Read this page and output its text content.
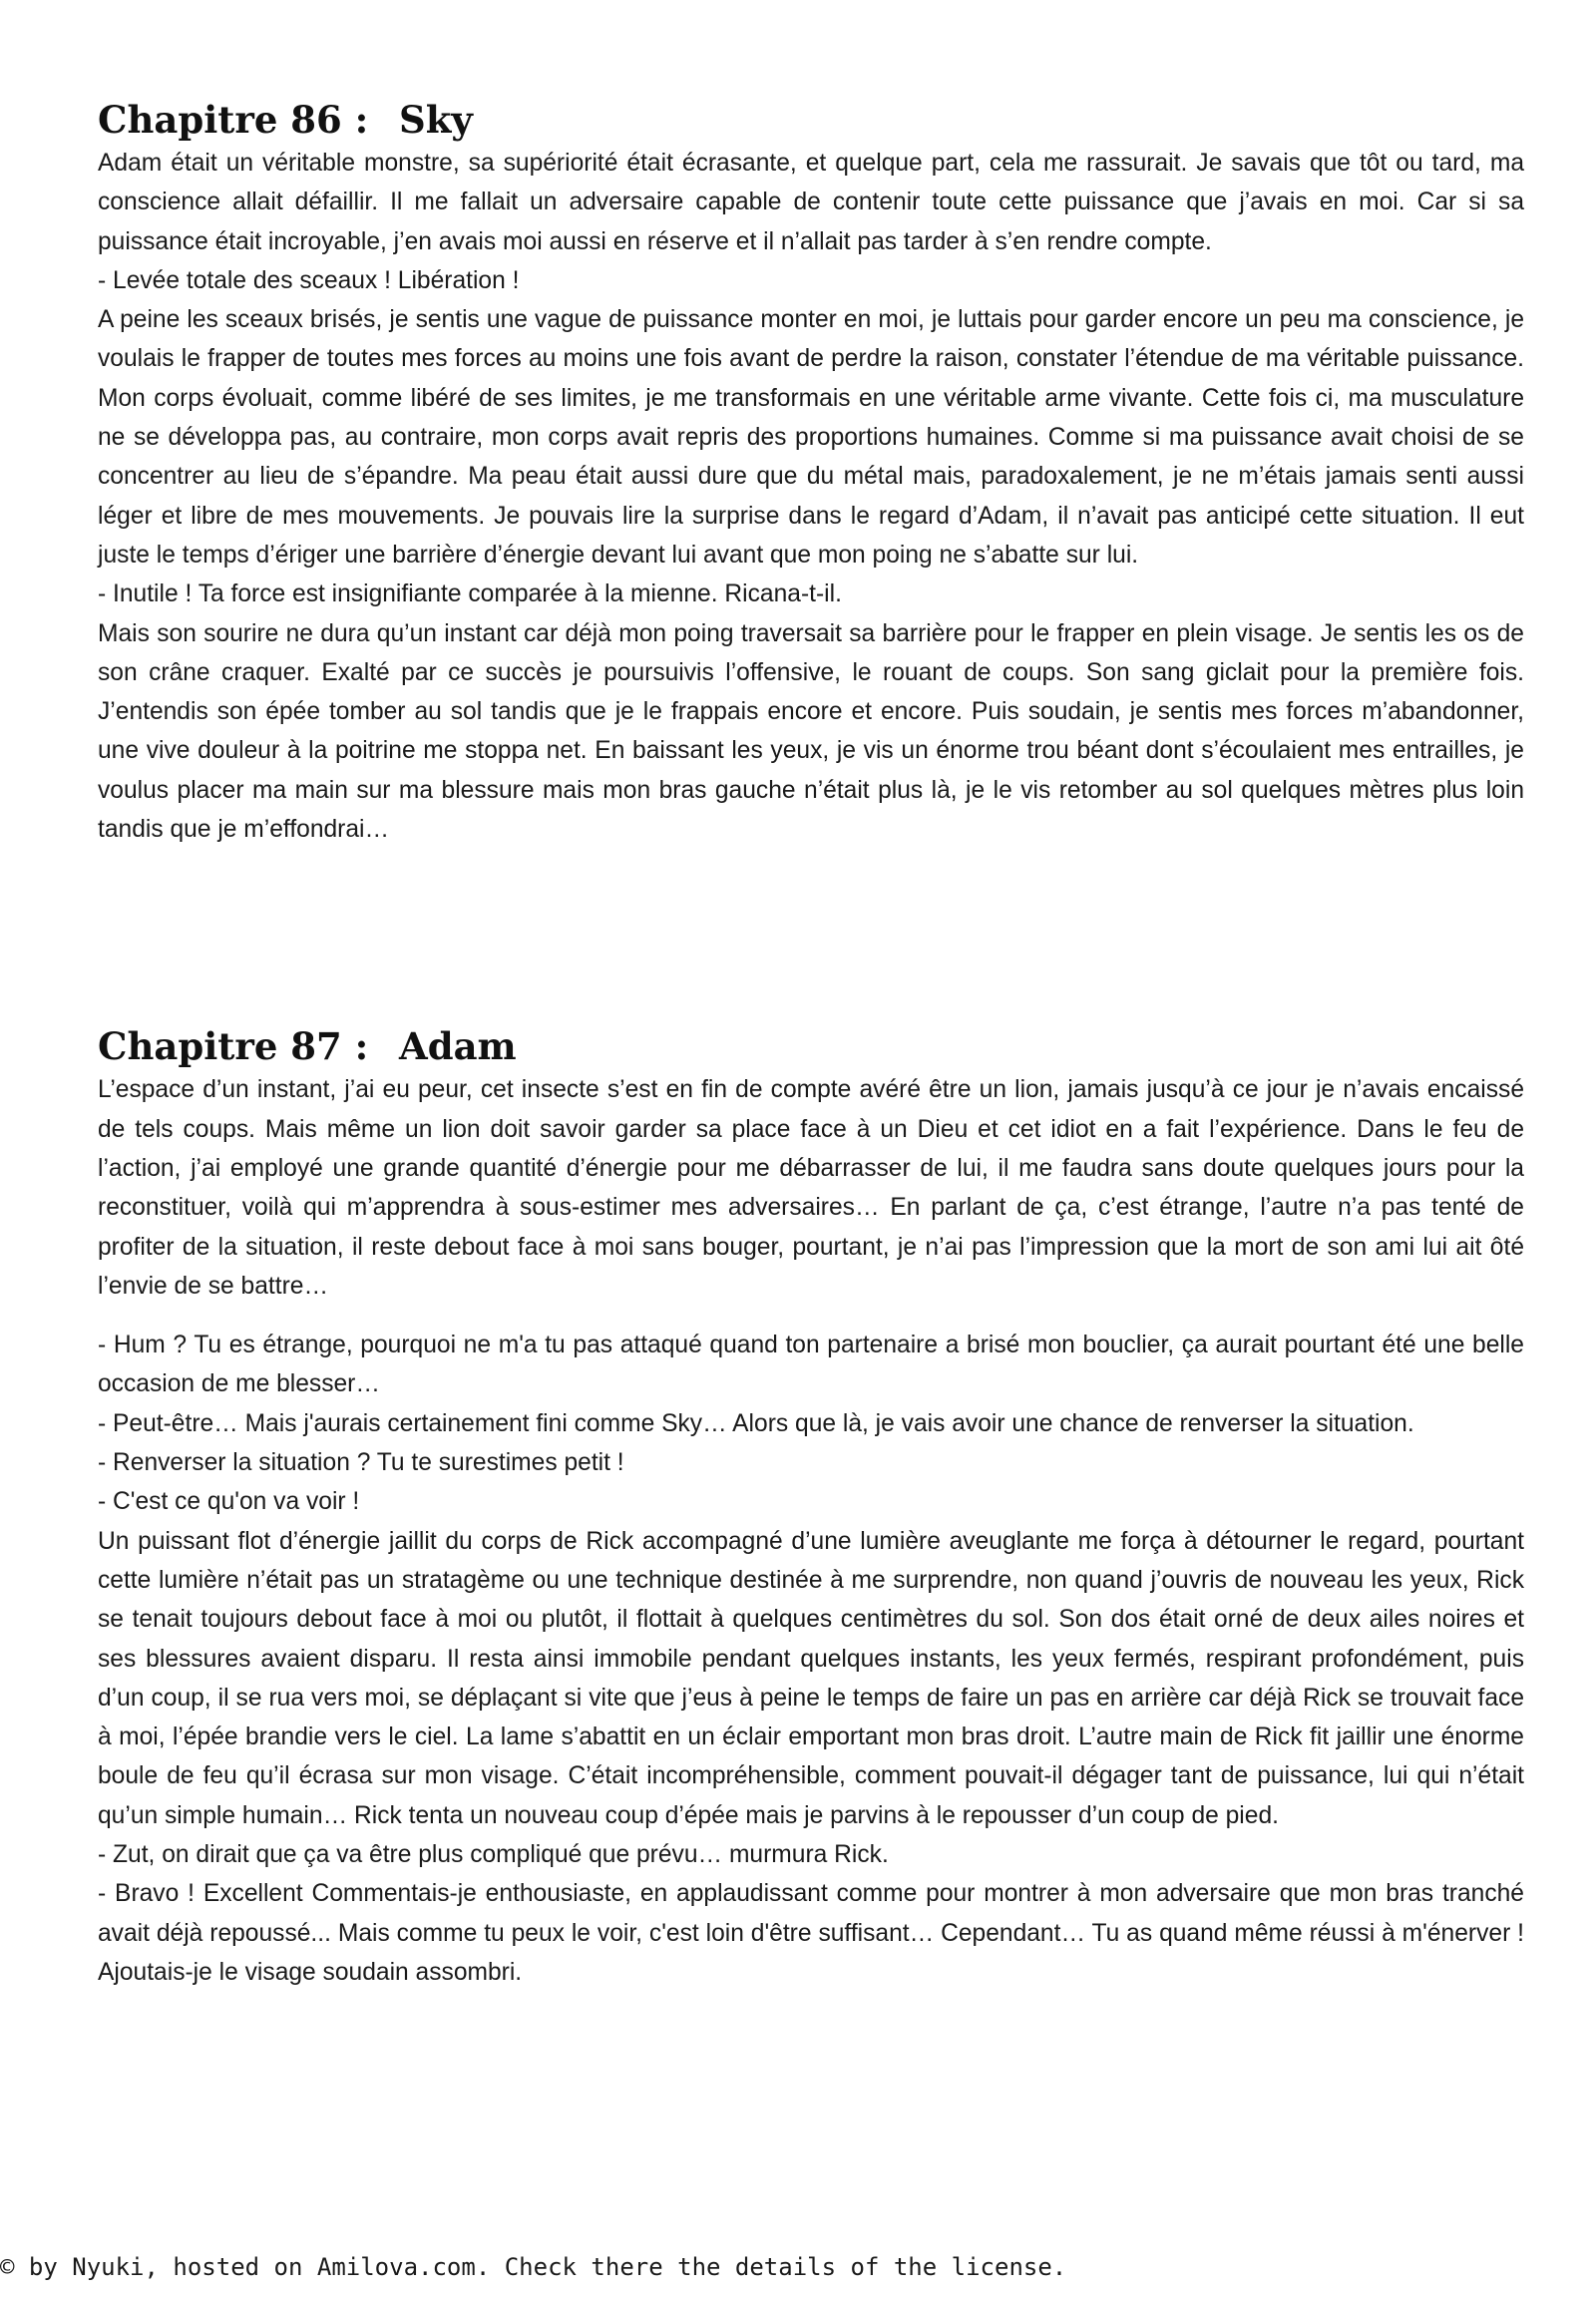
Chapitre 86 : Sky

Adam était un véritable monstre, sa supériorité était écrasante, et quelque part, cela me rassurait. Je savais que tôt ou tard, ma conscience allait défaillir. Il me fallait un adversaire capable de contenir toute cette puissance que j’avais en moi. Car si sa puissance était incroyable, j’en avais moi aussi en réserve et il n’allait pas tarder à s’en rendre compte.

- Levée totale des sceaux ! Libération !

A peine les sceaux brisés, je sentis une vague de puissance monter en moi, je luttais pour garder encore un peu ma conscience, je voulais le frapper de toutes mes forces au moins une fois avant de perdre la raison, constater l’étendue de ma véritable puissance. Mon corps évoluait, comme libéré de ses limites, je me transformais en une véritable arme vivante. Cette fois ci, ma musculature ne se développa pas, au contraire, mon corps avait repris des proportions humaines. Comme si ma puissance avait choisi de se concentrer au lieu de s’épandre. Ma peau était aussi dure que du métal mais, paradoxalement, je ne m’étais jamais senti aussi léger et libre de mes mouvements. Je pouvais lire la surprise dans le regard d’Adam, il n’avait pas anticipé cette situation. Il eut juste le temps d’ériger une barrière d’énergie devant lui avant que mon poing ne s’abatte sur lui.

- Inutile ! Ta force est insignifiante comparée à la mienne. Ricana-t-il.

Mais son sourire ne dura qu’un instant car déjà mon poing traversait sa barrière pour le frapper en plein visage. Je sentis les os de son crâne craquer. Exalté par ce succès je poursuivis l’offensive, le rouant de coups. Son sang giclait pour la première fois. J’entendis son épée tomber au sol tandis que je le frappais encore et encore. Puis soudain, je sentis mes forces m’abandonner, une vive douleur à la poitrine me stoppa net. En baissant les yeux, je vis un énorme trou béant dont s’écoulaient mes entrailles, je voulus placer ma main sur ma blessure mais mon bras gauche n’était plus là, je le vis retomber au sol quelques mètres plus loin tandis que je m’effondrai…

Chapitre 87 : Adam

L’espace d’un instant, j’ai eu peur, cet insecte s’est en fin de compte avéré être un lion, jamais jusqu’à ce jour je n’avais encaissé de tels coups. Mais même un lion doit savoir garder sa place face à un Dieu et cet idiot en a fait l’expérience. Dans le feu de l’action, j’ai employé une grande quantité d’énergie pour me débarrasser de lui, il me faudra sans doute quelques jours pour la reconstituer, voilà qui m’apprendra à sous-estimer mes adversaires… En parlant de ça, c’est étrange, l’autre n’a pas tenté de profiter de la situation, il reste debout face à moi sans bouger, pourtant, je n’ai pas l’impression que la mort de son ami lui ait ôté l’envie de se battre…

- Hum ? Tu es étrange, pourquoi ne m'a tu pas attaqué quand ton partenaire a brisé mon bouclier, ça aurait pourtant été une belle occasion de me blesser…

- Peut-être… Mais j'aurais certainement fini comme Sky… Alors que là, je vais avoir une chance de renverser la situation.

- Renverser la situation ? Tu te surestimes petit !

- C'est ce qu'on va voir !

Un puissant flot d’énergie jaillit du corps de Rick accompagné d’une lumière aveuglante me força à détourner le regard, pourtant cette lumière n’était pas un stratagème ou une technique destinée à me surprendre, non quand j’ouvris de nouveau les yeux, Rick se tenait toujours debout face à moi ou plutôt, il flottait à quelques centimètres du sol. Son dos était orné de deux ailes noires et ses blessures avaient disparu. Il resta ainsi immobile pendant quelques instants, les yeux fermés, respirant profondément, puis d’un coup, il se rua vers moi, se déplaçant si vite que j’eus à peine le temps de faire un pas en arrière car déjà Rick se trouvait face à moi, l’épée brandie vers le ciel. La lame s’abattit en un éclair emportant mon bras droit. L’autre main de Rick fit jaillir une énorme boule de feu qu’il écrasa sur mon visage. C’était incompréhensible, comment pouvait-il dégager tant de puissance, lui qui n’était qu’un simple humain… Rick tenta un nouveau coup d’épée mais je parvins à le repousser d’un coup de pied.

- Zut, on dirait que ça va être plus compliqué que prévu… murmura Rick.

- Bravo ! Excellent Commentais-je enthousiaste, en applaudissant comme pour montrer à mon adversaire que mon bras tranché avait déjà repoussé... Mais comme tu peux le voir, c'est loin d'être suffisant… Cependant… Tu as quand même réussi à m'énerver ! Ajoutais-je le visage soudain assombri.

© by Nyuki, hosted on Amilova.com. Check there the details of the license.
